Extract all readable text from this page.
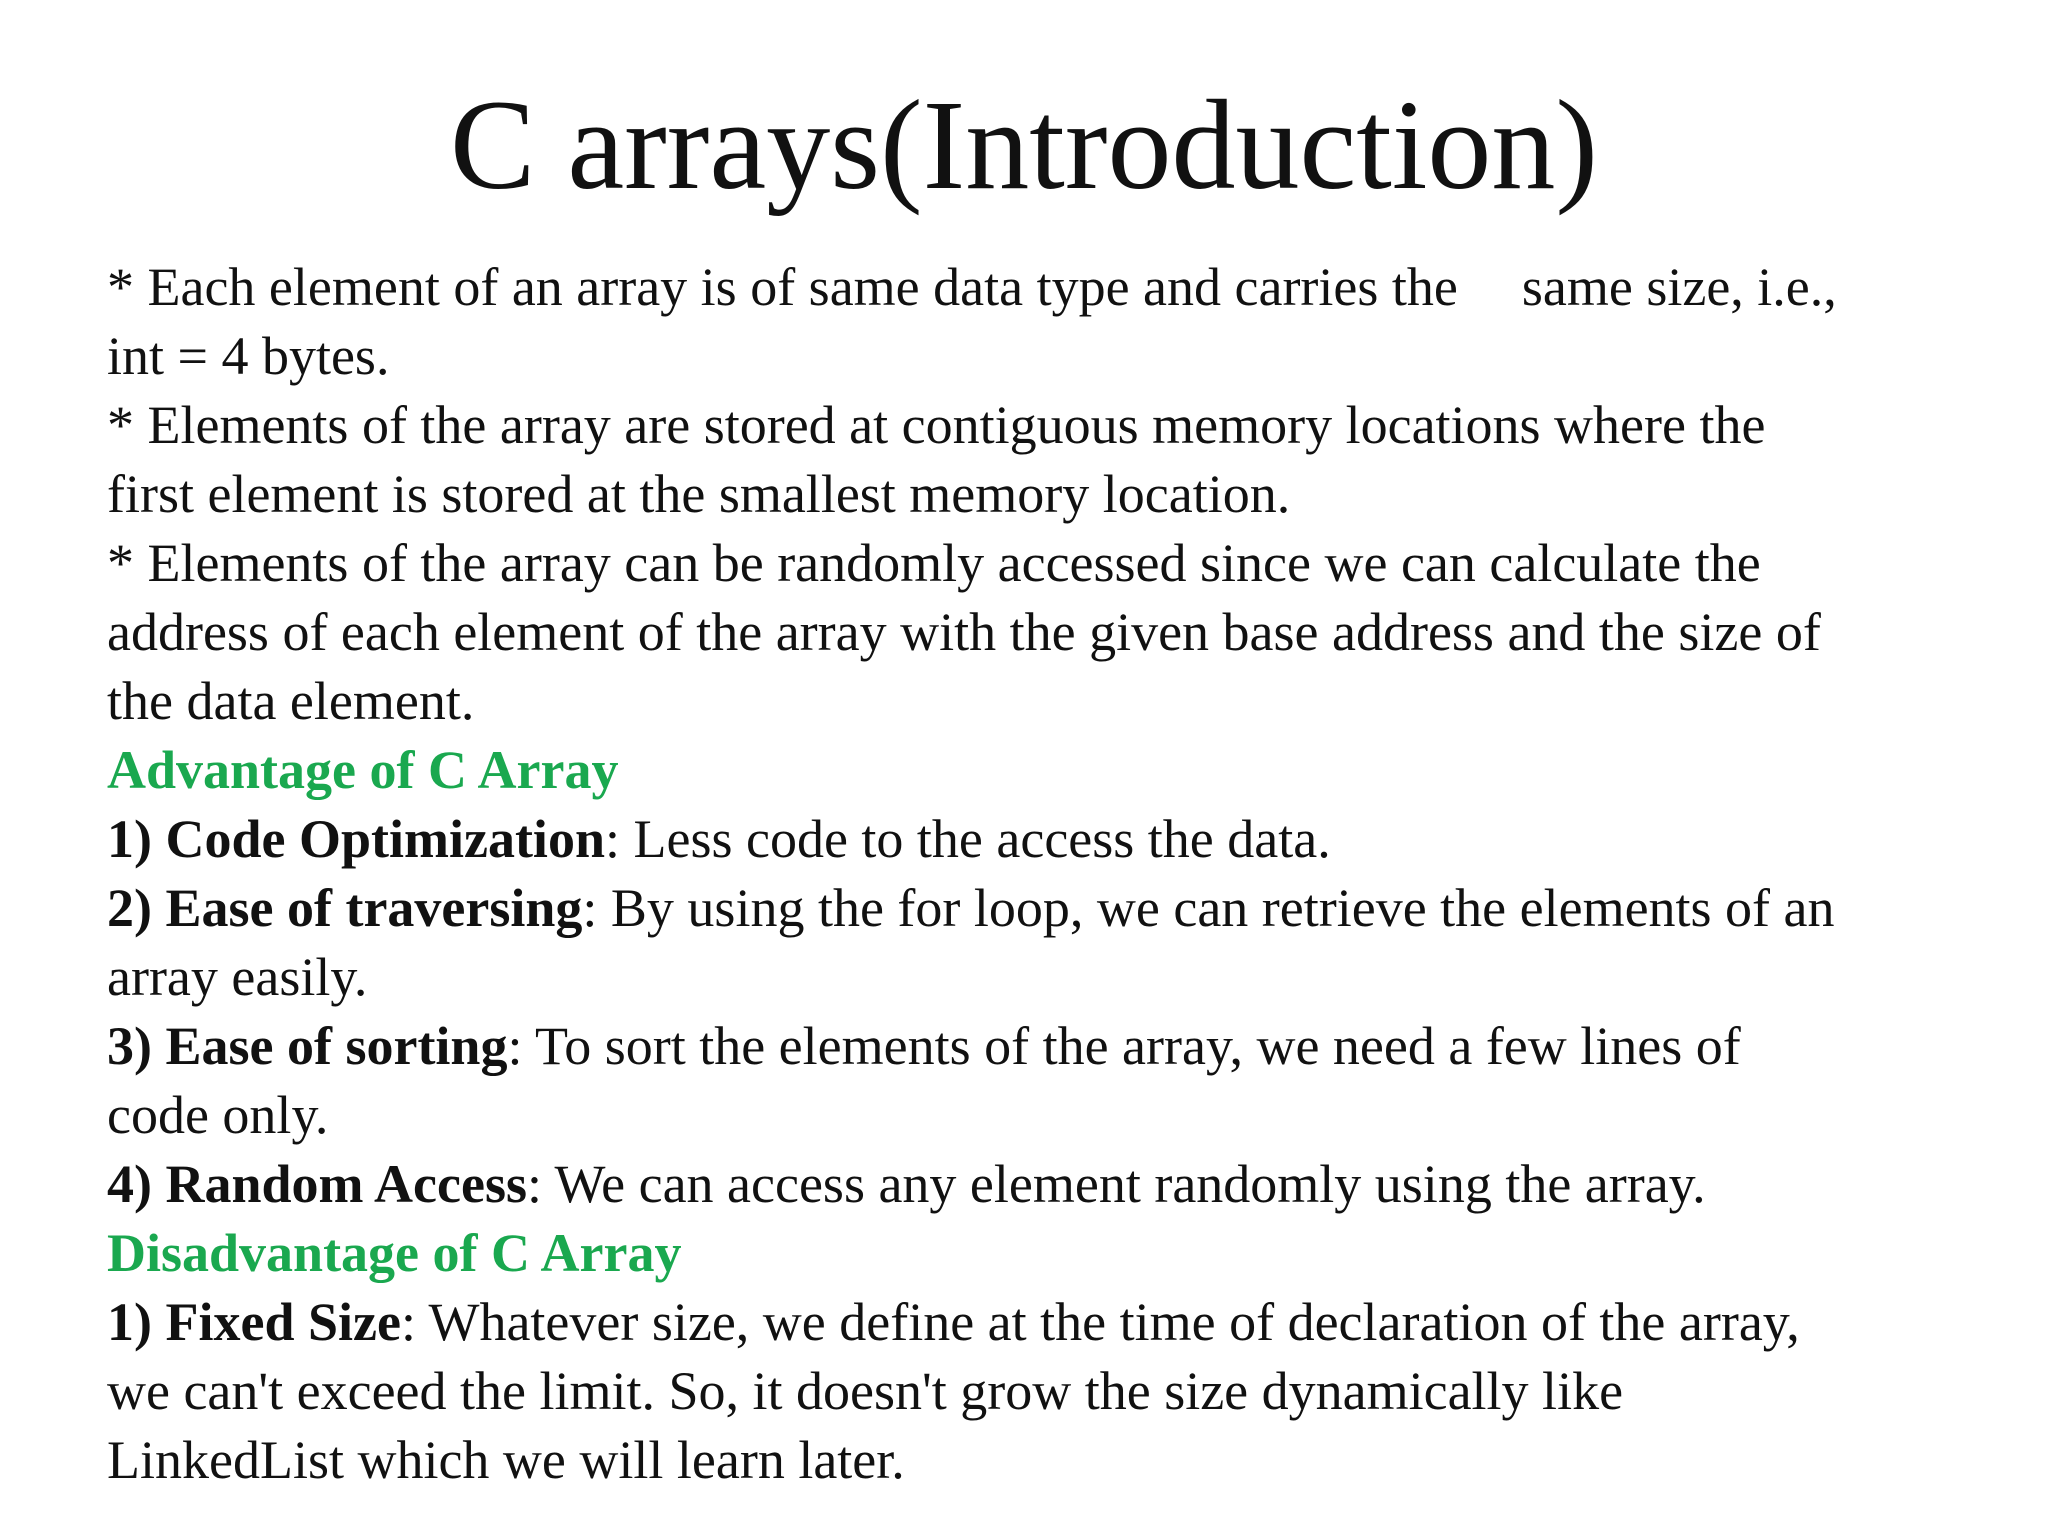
C arrays(Introduction)
* Each element of an array is of same data type and carries the same size, i.e.,
int = 4 bytes.
* Elements of the array are stored at contiguous memory locations where the
first element is stored at the smallest memory location.
* Elements of the array can be randomly accessed since we can calculate the
address of each element of the array with the given base address and the size of
the data element.
Advantage of C Array
1) Code Optimization: Less code to the access the data.
2) Ease of traversing: By using the for loop, we can retrieve the elements of an
array easily.
3) Ease of sorting: To sort the elements of the array, we need a few lines of
code only.
4) Random Access: We can access any element randomly using the array.
Disadvantage of C Array
1) Fixed Size: Whatever size, we define at the time of declaration of the array,
we can't exceed the limit. So, it doesn't grow the size dynamically like
LinkedList which we will learn later.
